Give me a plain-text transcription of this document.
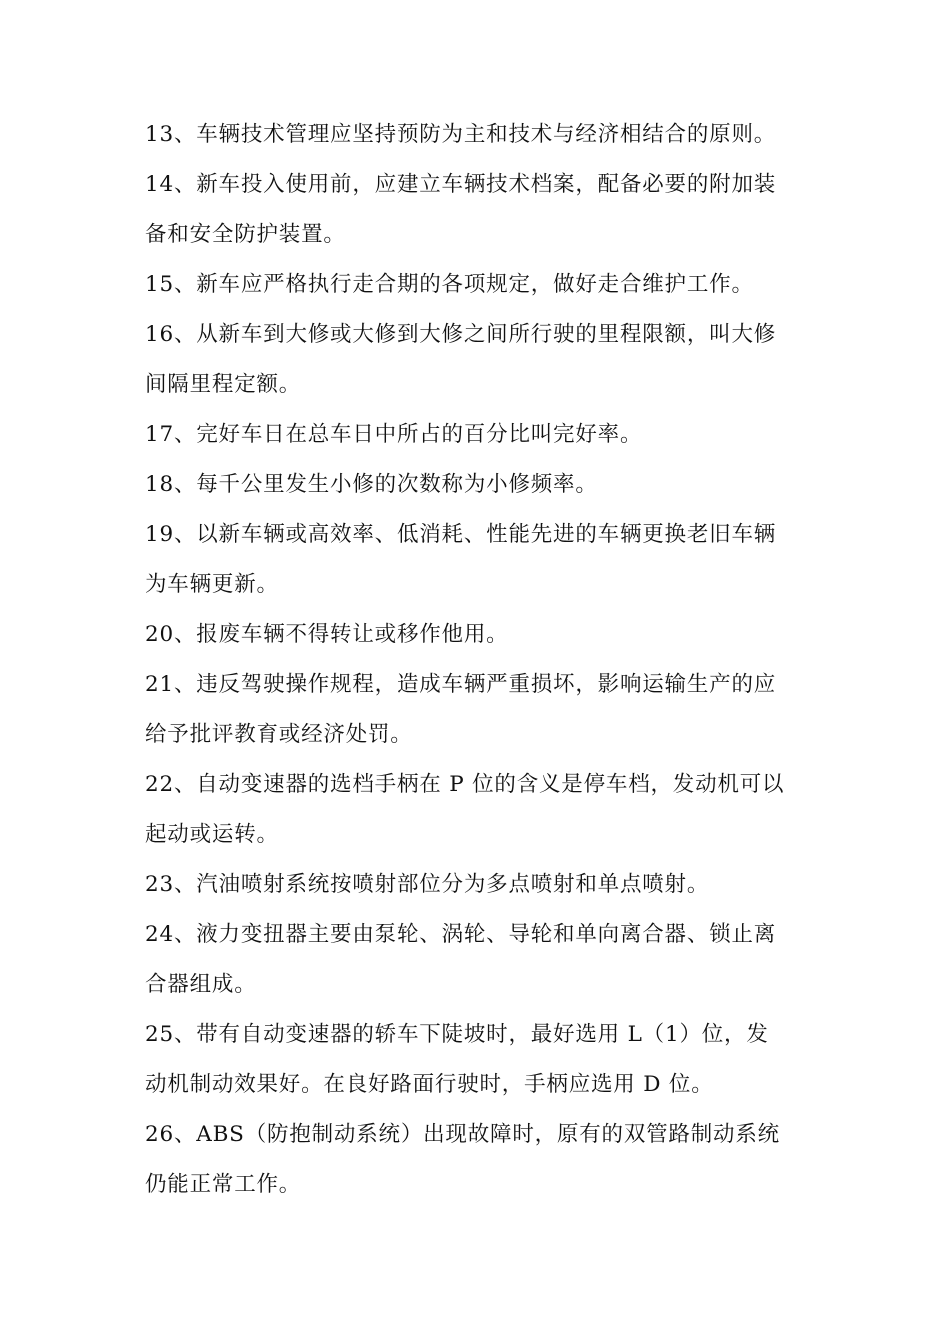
13、车辆技术管理应坚持预防为主和技术与经济相结合的原则。
14、新车投入使用前，应建立车辆技术档案，配备必要的附加装
备和安全防护装置。
15、新车应严格执行走合期的各项规定，做好走合维护工作。
16、从新车到大修或大修到大修之间所行驶的里程限额，叫大修
间隔里程定额。
17、完好车日在总车日中所占的百分比叫完好率。
18、每千公里发生小修的次数称为小修频率。
19、以新车辆或高效率、低消耗、性能先进的车辆更换老旧车辆
为车辆更新。
20、报废车辆不得转让或移作他用。
21、违反驾驶操作规程，造成车辆严重损坏，影响运输生产的应
给予批评教育或经济处罚。
22、自动变速器的选档手柄在 P 位的含义是停车档，发动机可以
起动或运转。
23、汽油喷射系统按喷射部位分为多点喷射和单点喷射。
24、液力变扭器主要由泵轮、涡轮、导轮和单向离合器、锁止离
合器组成。
25、带有自动变速器的轿车下陡坡时，最好选用 L（1）位，发
动机制动效果好。在良好路面行驶时，手柄应选用 D 位。
26、ABS（防抱制动系统）出现故障时，原有的双管路制动系统
仍能正常工作。
